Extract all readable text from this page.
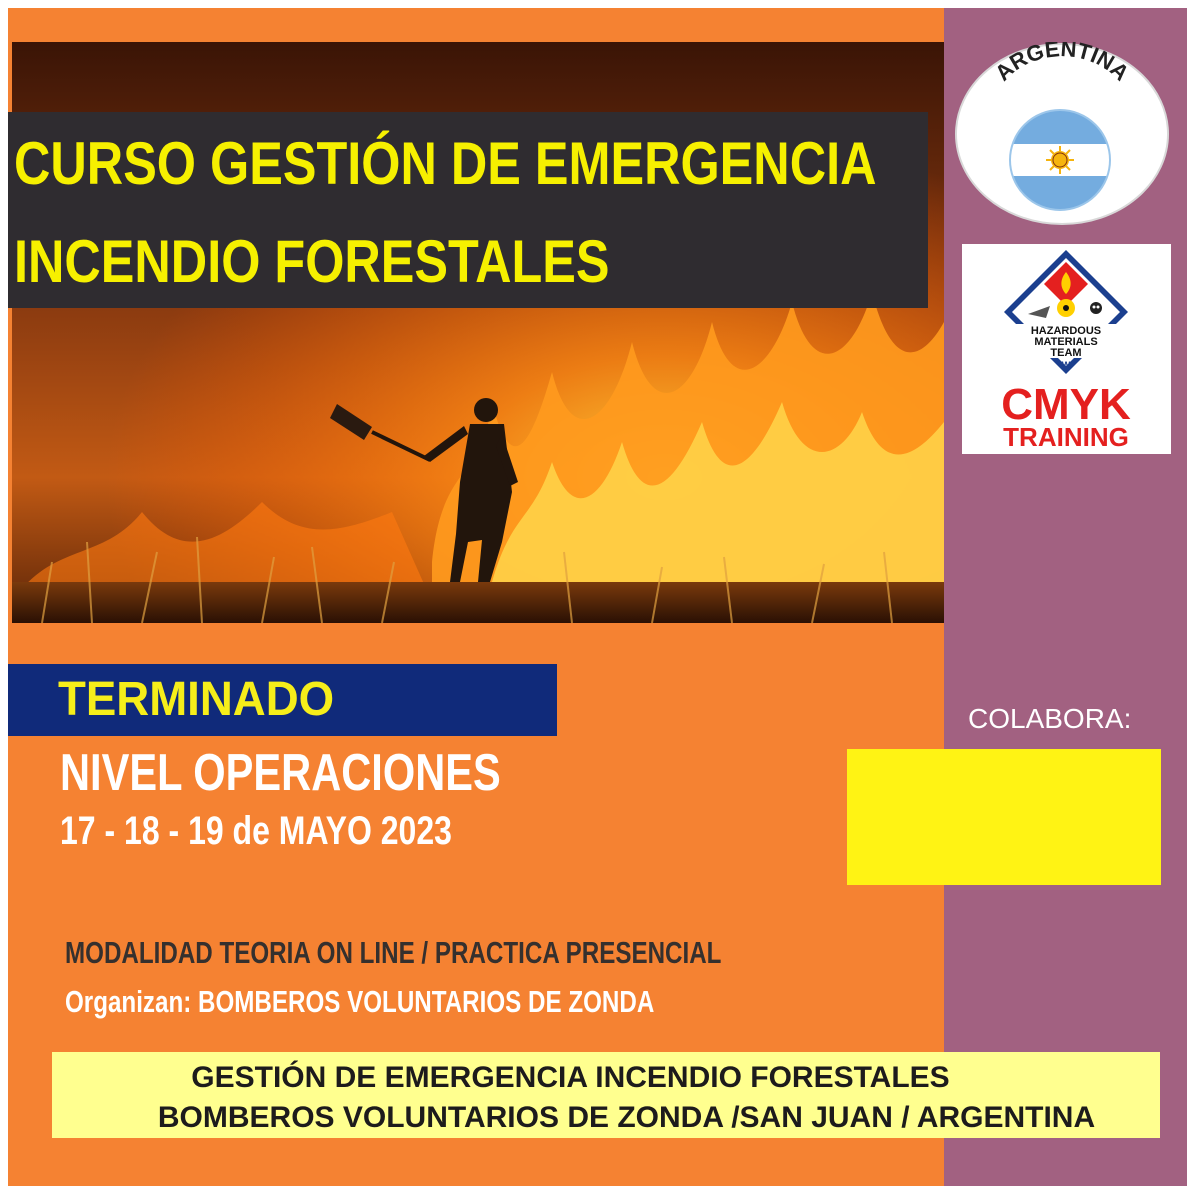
CURSO GESTIÓN DE EMERGENCIA
INCENDIO FORESTALES
TERMINADO
NIVEL OPERACIONES
17 - 18 - 19 de MAYO 2023
MODALIDAD TEORIA ON LINE / PRACTICA PRESENCIAL
Organizan: BOMBEROS VOLUNTARIOS DE ZONDA
GESTIÓN DE EMERGENCIA INCENDIO FORESTALES
BOMBEROS VOLUNTARIOS DE ZONDA /SAN JUAN / ARGENTINA
ARGENTINA
HAZARDOUS
MATERIALS
TEAM
W
CMYK
TRAINING
COLABORA:
